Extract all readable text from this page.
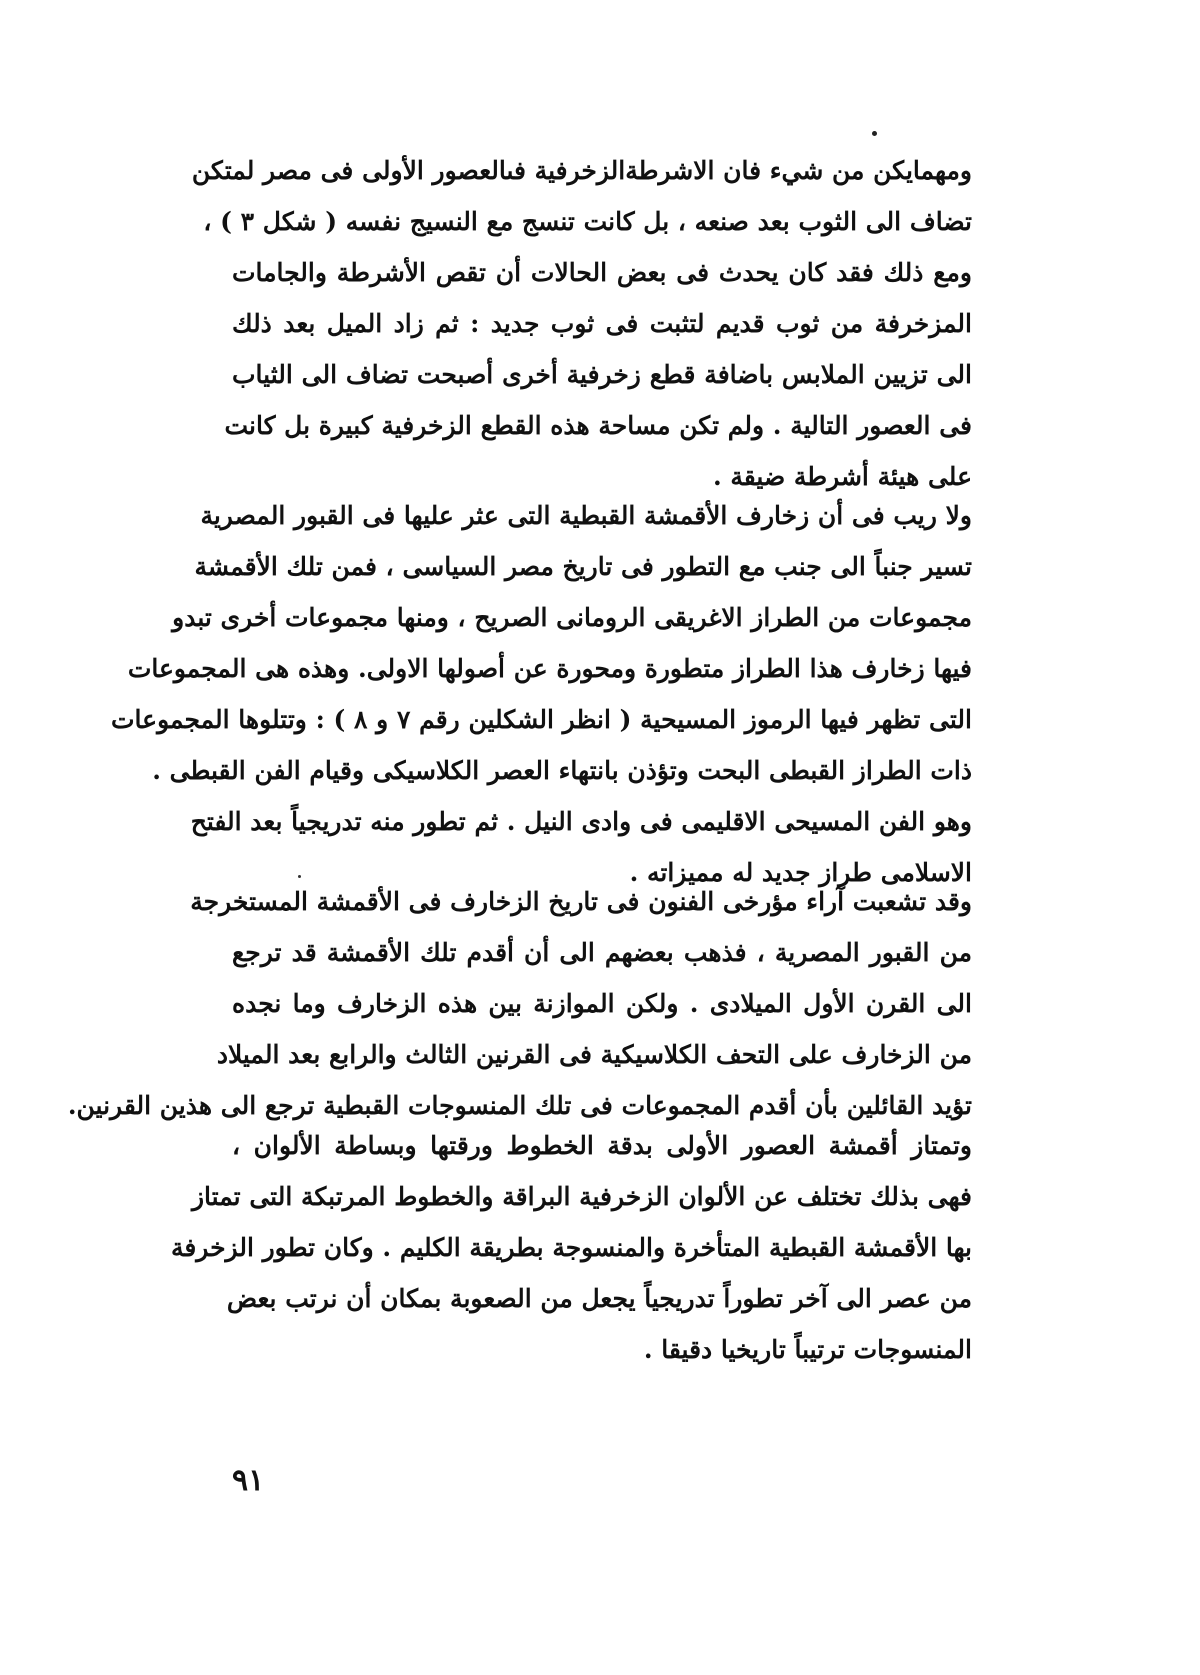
ومهمايكن من شيء فان الاشرطةالزخرفية فىالعصور الأولى فى مصر لمتكن
تضاف الى الثوب بعد صنعه ، بل كانت تنسج مع النسيج نفسه ( شكل ٣ ) ،
ومع ذلك فقد كان يحدث فى بعض الحالات أن تقص الأشرطة والجامات
المزخرفة من ثوب قديم لتثبت فى ثوب جديد : ثم زاد الميل بعد ذلك
الى تزيين الملابس باضافة قطع زخرفية أخرى أصبحت تضاف الى الثياب
فى العصور التالية . ولم تكن مساحة هذه القطع الزخرفية كبيرة بل كانت
على هيئة أشرطة ضيقة .
ولا ريب فى أن زخارف الأقمشة القبطية التى عثر عليها فى القبور المصرية
تسير جنباً الى جنب مع التطور فى تاريخ مصر السياسى ، فمن تلك الأقمشة
مجموعات من الطراز الاغريقى الرومانى الصريح ، ومنها مجموعات أخرى تبدو
فيها زخارف هذا الطراز متطورة ومحورة عن أصولها الاولى. وهذه هى المجموعات
التى تظهر فيها الرموز المسيحية ( انظر الشكلين رقم ٧ و ٨ ) : وتتلوها المجموعات
ذات الطراز القبطى البحت وتؤذن بانتهاء العصر الكلاسيكى وقيام الفن القبطى .
وهو الفن المسيحى الاقليمى فى وادى النيل . ثم تطور منه تدريجياً بعد الفتح
الاسلامى طراز جديد له مميزاته .
وقد تشعبت آراء مؤرخى الفنون فى تاريخ الزخارف فى الأقمشة المستخرجة
من القبور المصرية ، فذهب بعضهم الى أن أقدم تلك الأقمشة قد ترجع
الى القرن الأول الميلادى . ولكن الموازنة بين هذه الزخارف وما نجده
من الزخارف على التحف الكلاسيكية فى القرنين الثالث والرابع بعد الميلاد
تؤيد القائلين بأن أقدم المجموعات فى تلك المنسوجات القبطية ترجع الى هذين القرنين.
وتمتاز أقمشة العصور الأولى بدقة الخطوط ورقتها وبساطة الألوان ،
فهى بذلك تختلف عن الألوان الزخرفية البراقة والخطوط المرتبكة التى تمتاز
بها الأقمشة القبطية المتأخرة والمنسوجة بطريقة الكليم . وكان تطور الزخرفة
من عصر الى آخر تطوراً تدريجياً يجعل من الصعوبة بمكان أن نرتب بعض
المنسوجات ترتيباً تاريخيا دقيقا .
٩١
